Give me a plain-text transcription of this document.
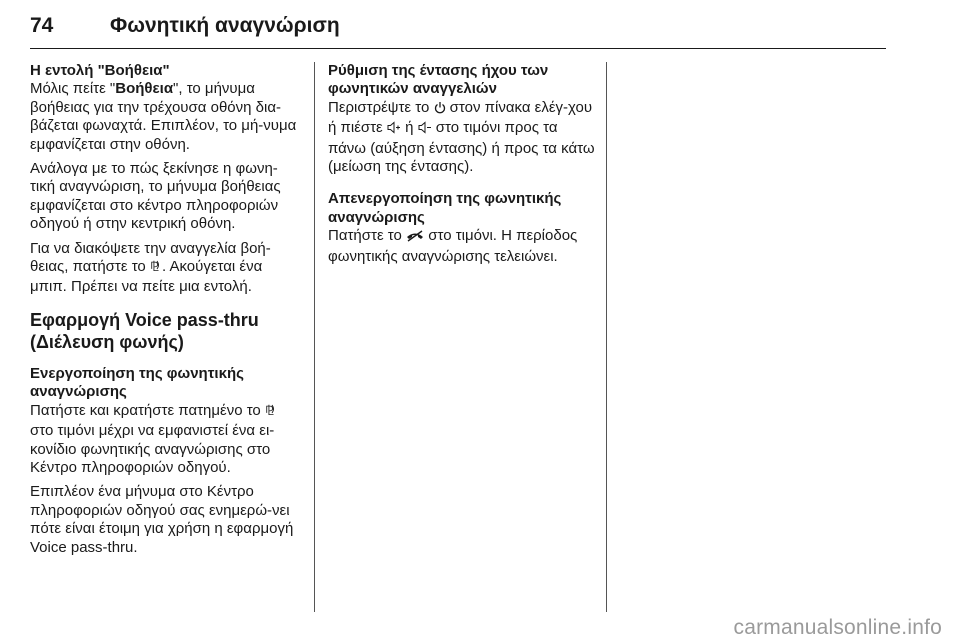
74	Φωνητική αναγνώριση

Η εντολή "Βοήθεια"

Μόλις πείτε "Βοήθεια", το μήνυμα βοήθειας για την τρέχουσα οθόνη δια-βάζεται φωναχτά. Επιπλέον, το μή-νυμα εμφανίζεται στην οθόνη.

Ανάλογα με το πώς ξεκίνησε η φωνη-τική αναγνώριση, το μήνυμα βοήθειας εμφανίζεται στο κέντρο πληροφοριών οδηγού ή στην κεντρική οθόνη.

Για να διακόψετε την αναγγελία βοή-θειας, πατήστε το ⅊ . Ακούγεται ένα μπιπ. Πρέπει να πείτε μια εντολή.

Εφαρμογή Voice pass-thru (Διέλευση φωνής)

Ενεργοποίηση της φωνητικής αναγνώρισης

Πατήστε και κρατήστε πατημένο το ⅊
στο τιμόνι μέχρι να εμφανιστεί ένα ει-κονίδιο φωνητικής αναγνώρισης στο Κέντρο πληροφοριών οδηγού.

Επιπλέον ένα μήνυμα στο Κέντρο πληροφοριών οδηγού σας ενημερώ-νει πότε είναι έτοιμη για χρήση η εφαρμογή Voice pass-thru.

Ρύθμιση της έντασης ήχου των φωνητικών αναγγελιών

Περιστρέψτε το στον πίνακα ελέγ-χου ή πιέστε ή στο τιμόνι προς τα πάνω (αύξηση έντασης) ή προς τα κάτω (μείωση της έντασης).

Απενεργοποίηση της φωνητικής αναγνώρισης

Πατήστε το στο τιμόνι. Η περίοδος φωνητικής αναγνώρισης τελειώνει.

carmanualsonline.info
